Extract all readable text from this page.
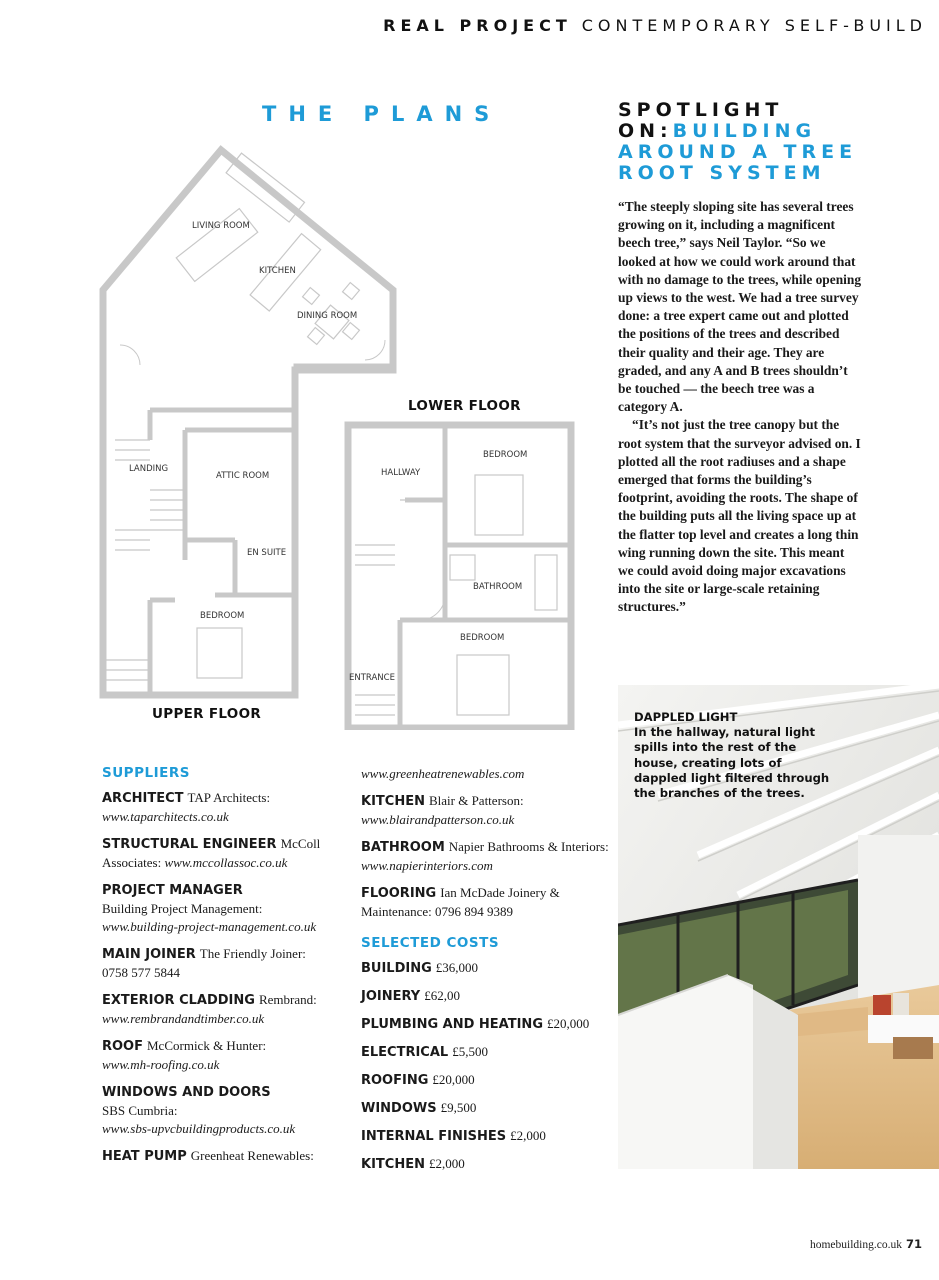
REAL PROJECT CONTEMPORARY SELF-BUILD
THE PLANS
LIVING ROOM
KITCHEN
DINING ROOM
LANDING
ATTIC ROOM
EN SUITE
BEDROOM
HALLWAY
BEDROOM
BATHROOM
BEDROOM
ENTRANCE
LOWER FLOOR
UPPER FLOOR
SPOTLIGHT
ON:BUILDING
AROUND A TREE
ROOT SYSTEM

“The steeply sloping site has several trees growing on it, including a magnificent beech tree,” says Neil Taylor. “So we looked at how we could work around that with no damage to the trees, while opening up views to the west. We had a tree survey done: a tree expert came out and plotted the positions of the trees and described their quality and their age. They are graded, and any A and B trees shouldn’t be touched — the beech tree was a category A.

“It’s not just the tree canopy but the root system that the surveyor advised on. I plotted all the root radiuses and a shape emerged that forms the building’s footprint, avoiding the roots. The shape of the building puts all the living space up at the flatter top level and creates a long thin wing running down the site. This meant we could avoid doing major excavations into the site or large-scale retaining structures.”

DAPPLED LIGHT
In the hallway, natural light spills into the rest of the house, creating lots of dappled light filtered through the branches of the trees.
SUPPLIERS
ARCHITECT TAP Architects:
www.taparchitects.co.uk
STRUCTURAL ENGINEER McColl Associates: www.mccollassoc.co.uk
PROJECT MANAGER
Building Project Management:
www.building-project-management.co.uk
MAIN JOINER The Friendly Joiner:
0758 577 5844
EXTERIOR CLADDING Rembrand:
www.rembrandandtimber.co.uk
ROOF McCormick & Hunter:
www.mh-roofing.co.uk
WINDOWS AND DOORS
SBS Cumbria:
www.sbs-upvcbuildingproducts.co.uk
HEAT PUMP Greenheat Renewables:
www.greenheatrenewables.com
KITCHEN Blair & Patterson:
www.blairandpatterson.co.uk
BATHROOM Napier Bathrooms & Interiors: www.napierinteriors.com
FLOORING Ian McDade Joinery & Maintenance: 0796 894 9389
SELECTED COSTS
BUILDING £36,000
JOINERY £62,00
PLUMBING AND HEATING £20,000
ELECTRICAL £5,500
ROOFING £20,000
WINDOWS £9,500
INTERNAL FINISHES £2,000
KITCHEN £2,000
homebuilding.co.uk 71
